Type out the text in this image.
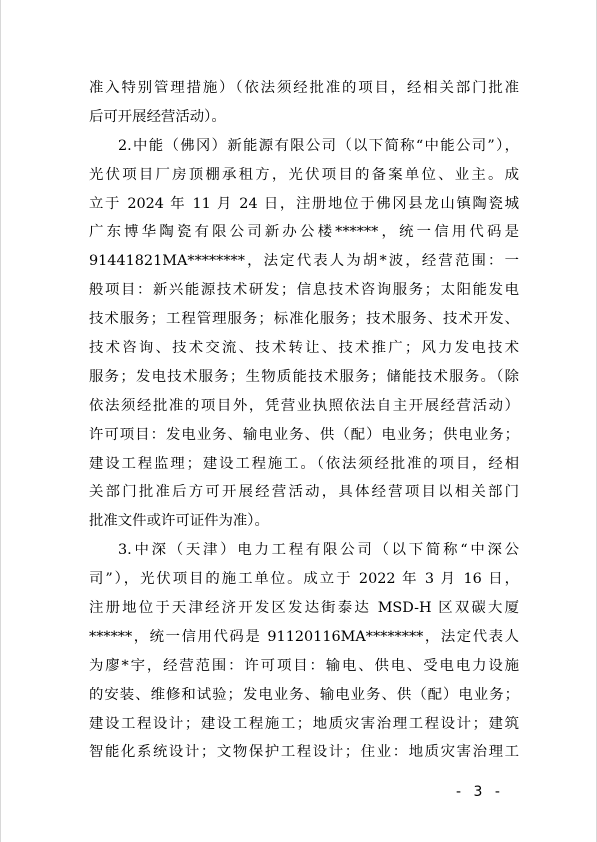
准入特别管理措施）（依法须经批准的项目，经相关部门批准
后可开展经营活动）。
2.中能（佛冈）新能源有限公司（以下简称“中能公司”），
光伏项目厂房顶棚承租方，光伏项目的备案单位、业主。成
立于 2024 年 11 月 24 日，注册地位于佛冈县龙山镇陶瓷城
广东博华陶瓷有限公司新办公楼******，统一信用代码是
91441821MA********，法定代表人为胡*波，经营范围：一
般项目：新兴能源技术研发；信息技术咨询服务；太阳能发电
技术服务；工程管理服务；标准化服务；技术服务、技术开发、
技术咨询、技术交流、技术转让、技术推广；风力发电技术
服务；发电技术服务；生物质能技术服务；储能技术服务。（除
依法须经批准的项目外，凭营业执照依法自主开展经营活动）
许可项目：发电业务、输电业务、供（配）电业务；供电业务；
建设工程监理；建设工程施工。（依法须经批准的项目，经相
关部门批准后方可开展经营活动，具体经营项目以相关部门
批准文件或许可证件为准）。
3.中深（天津）电力工程有限公司（以下简称“中深公
司”），光伏项目的施工单位。成立于 2022 年 3 月 16 日，
注册地位于天津经济开发区发达街泰达 MSD-H 区双碳大厦
******，统一信用代码是 91120116MA********，法定代表人
为廖*宇，经营范围：许可项目：输电、供电、受电电力设施
的安装、维修和试验；发电业务、输电业务、供（配）电业务；
建设工程设计；建设工程施工；地质灾害治理工程设计；建筑
智能化系统设计；文物保护工程设计；住业：地质灾害治理工
- 3 -
